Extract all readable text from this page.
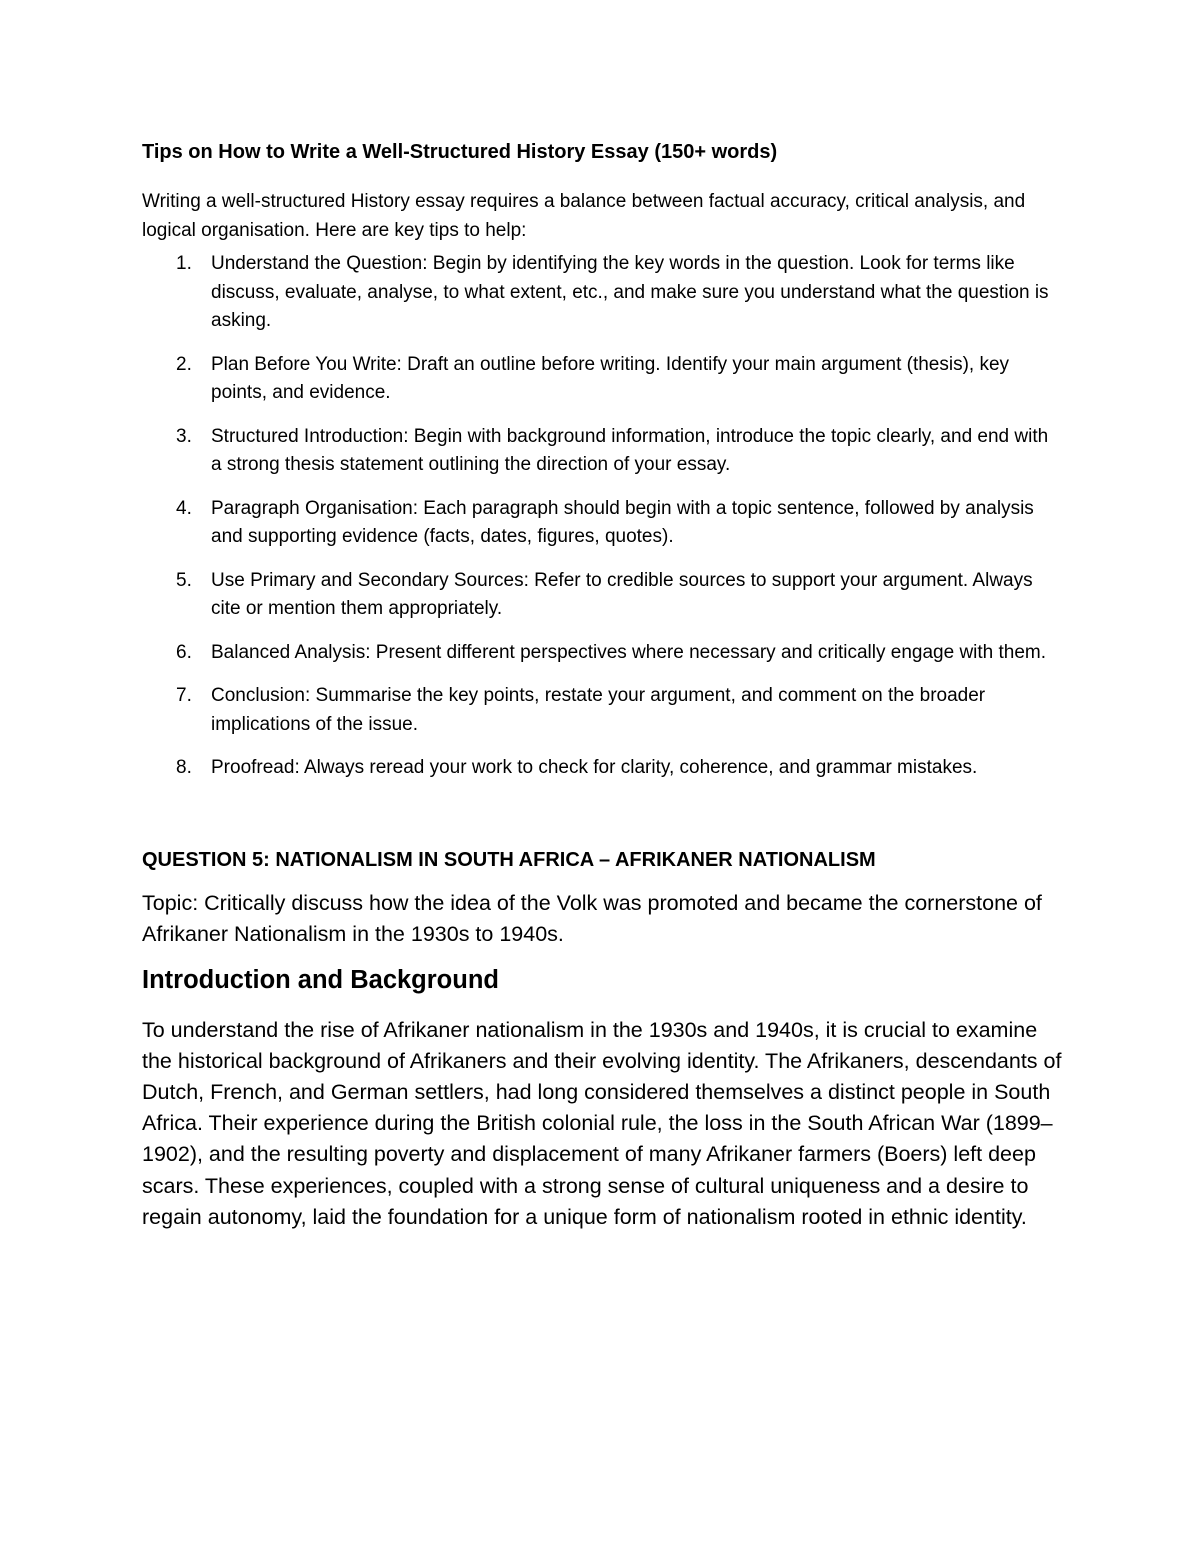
Tips on How to Write a Well-Structured History Essay (150+ words)

Writing a well-structured History essay requires a balance between factual accuracy, critical analysis, and logical organisation. Here are key tips to help:

1. Understand the Question: Begin by identifying the key words in the question. Look for terms like discuss, evaluate, analyse, to what extent, etc., and make sure you understand what the question is asking.
2. Plan Before You Write: Draft an outline before writing. Identify your main argument (thesis), key points, and evidence.
3. Structured Introduction: Begin with background information, introduce the topic clearly, and end with a strong thesis statement outlining the direction of your essay.
4. Paragraph Organisation: Each paragraph should begin with a topic sentence, followed by analysis and supporting evidence (facts, dates, figures, quotes).
5. Use Primary and Secondary Sources: Refer to credible sources to support your argument. Always cite or mention them appropriately.
6. Balanced Analysis: Present different perspectives where necessary and critically engage with them.
7. Conclusion: Summarise the key points, restate your argument, and comment on the broader implications of the issue.
8. Proofread: Always reread your work to check for clarity, coherence, and grammar mistakes.
QUESTION 5: NATIONALISM IN SOUTH AFRICA – AFRIKANER NATIONALISM

Topic: Critically discuss how the idea of the Volk was promoted and became the cornerstone of Afrikaner Nationalism in the 1930s to 1940s.

Introduction and Background

To understand the rise of Afrikaner nationalism in the 1930s and 1940s, it is crucial to examine the historical background of Afrikaners and their evolving identity. The Afrikaners, descendants of Dutch, French, and German settlers, had long considered themselves a distinct people in South Africa. Their experience during the British colonial rule, the loss in the South African War (1899–1902), and the resulting poverty and displacement of many Afrikaner farmers (Boers) left deep scars. These experiences, coupled with a strong sense of cultural uniqueness and a desire to regain autonomy, laid the foundation for a unique form of nationalism rooted in ethnic identity.
